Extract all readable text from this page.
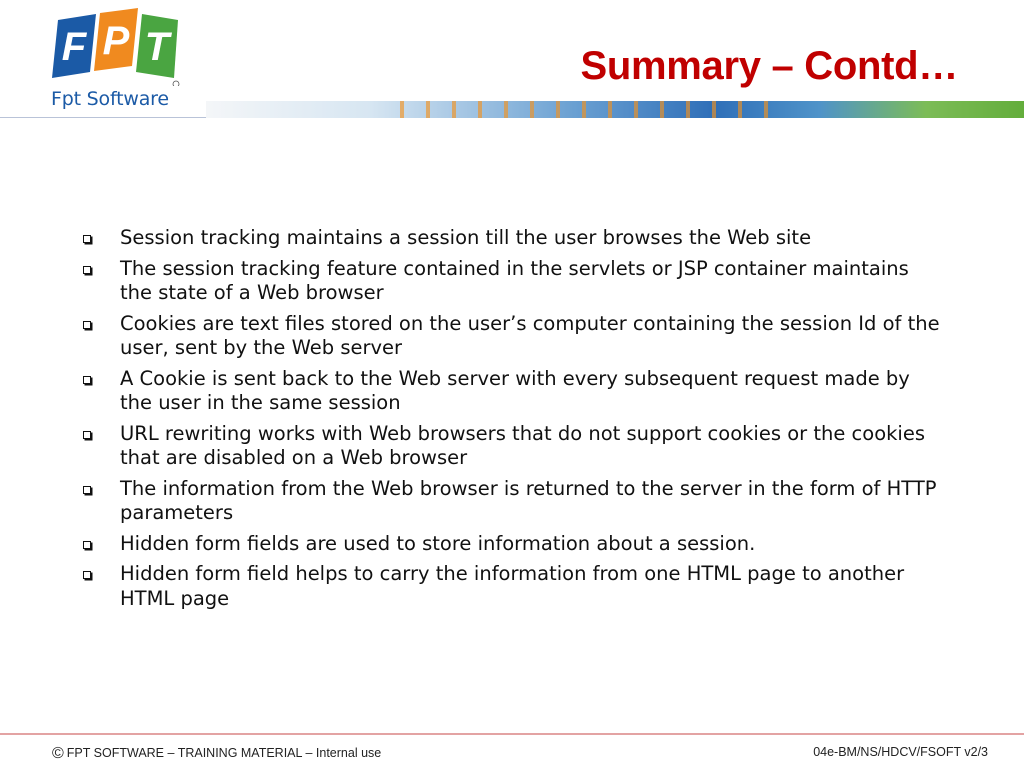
F P T
Fpt Software
Summary – Contd…
Session tracking maintains a session till the user browses the Web site
The session tracking feature contained in the servlets or JSP container maintains the state of a Web browser
Cookies are text files stored on the user’s computer containing the session Id of the user, sent by the Web server
A Cookie is sent back to the Web server with every subsequent request made by the user in the same session
URL rewriting works with Web browsers that do not support cookies or the cookies that are disabled on a Web browser
The information from the Web browser is returned to the server in the form of HTTP parameters
Hidden form fields are used to store information about a session.
Hidden form field helps to carry the information from one HTML page to another HTML page
© FPT SOFTWARE – TRAINING MATERIAL – Internal use	04e-BM/NS/HDCV/FSOFT v2/3
